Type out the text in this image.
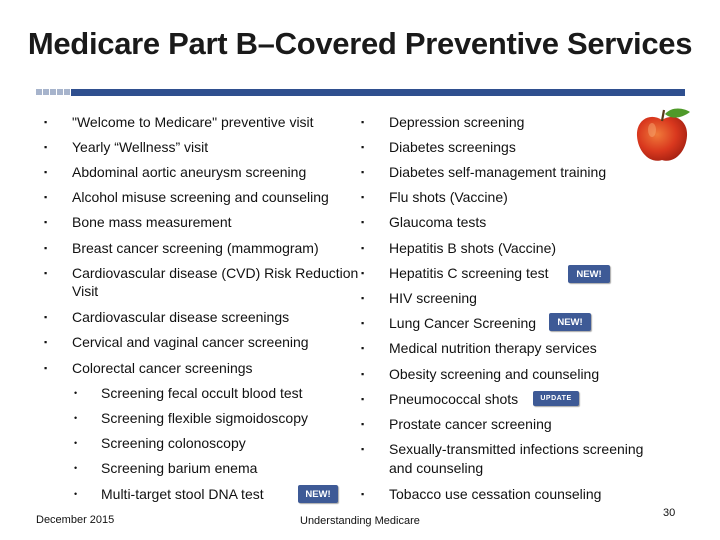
Medicare Part B–Covered Preventive Services
▪ "Welcome to Medicare" preventive visit
▪ Yearly “Wellness” visit
▪ Abdominal aortic aneurysm screening
▪ Alcohol misuse screening and counseling
▪ Bone mass measurement
▪ Breast cancer screening (mammogram)
▪ Cardiovascular disease (CVD) Risk Reduction
Visit
▪ Cardiovascular disease screenings
▪ Cervical and vaginal cancer screening
▪ Colorectal cancer screenings
• Screening fecal occult blood test
• Screening flexible sigmoidoscopy
• Screening colonoscopy
• Screening barium enema
• Multi-target stool DNA test	NEW!
▪ Depression screening
▪ Diabetes screenings
▪ Diabetes self-management training
▪ Flu shots (Vaccine)
▪ Glaucoma tests
▪ Hepatitis B shots (Vaccine)
▪ Hepatitis C screening test
▪ HIV screening
▪ Lung Cancer Screening
▪ Medical nutrition therapy services
▪ Obesity screening and counseling
▪ Pneumococcal shots
▪ Prostate cancer screening
▪ Sexually-transmitted infections screening
and counseling
▪ Tobacco use cessation counseling
NEW!
NEW!
UPDATE
December 2015	Understanding Medicare
30
